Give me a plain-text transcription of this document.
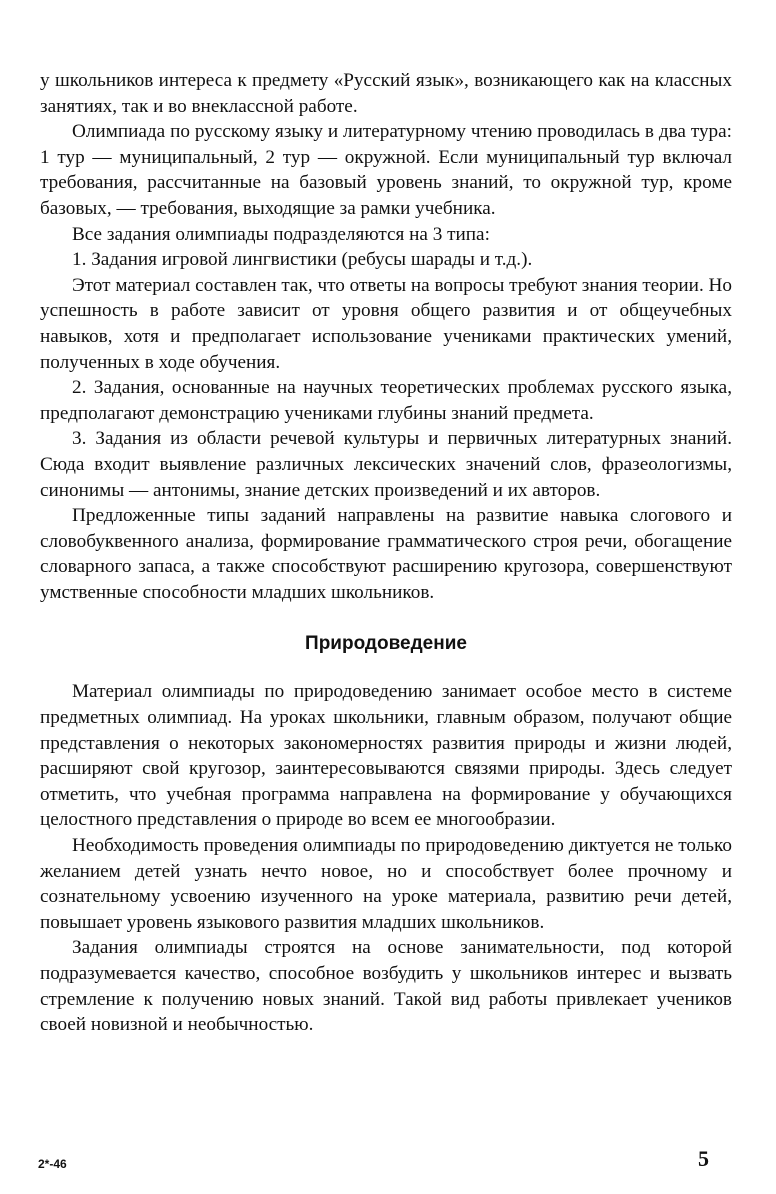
у школьников интереса к предмету «Русский язык», возникающего как на классных занятиях, так и во внеклассной работе.

Олимпиада по русскому языку и литературному чтению проводилась в два тура: 1 тур — муниципальный, 2 тур — окружной. Если муниципальный тур включал требования, рассчитанные на базовый уровень знаний, то окружной тур, кроме базовых, — требования, выходящие за рамки учебника.

Все задания олимпиады подразделяются на 3 типа:

1. Задания игровой лингвистики (ребусы шарады и т.д.).

Этот материал составлен так, что ответы на вопросы требуют знания теории. Но успешность в работе зависит от уровня общего развития и от общеучебных навыков, хотя и предполагает использование учениками практических умений, полученных в ходе обучения.

2. Задания, основанные на научных теоретических проблемах русского языка, предполагают демонстрацию учениками глубины знаний предмета.

3. Задания из области речевой культуры и первичных литературных знаний. Сюда входит выявление различных лексических значений слов, фразеологизмы, синонимы — антонимы, знание детских произведений и их авторов.

Предложенные типы заданий направлены на развитие навыка слогового и словобуквенного анализа, формирование грамматического строя речи, обогащение словарного запаса, а также способствуют расширению кругозора, совершенствуют умственные способности младших школьников.

Природоведение

Материал олимпиады по природоведению занимает особое место в системе предметных олимпиад. На уроках школьники, главным образом, получают общие представления о некоторых закономерностях развития природы и жизни людей, расширяют свой кругозор, заинтересовываются связями природы. Здесь следует отметить, что учебная программа направлена на формирование у обучающихся целостного представления о природе во всем ее многообразии.

Необходимость проведения олимпиады по природоведению диктуется не только желанием детей узнать нечто новое, но и способствует более прочному и сознательному усвоению изученного на уроке материала, развитию речи детей, повышает уровень языкового развития младших школьников.

Задания олимпиады строятся на основе занимательности, под которой подразумевается качество, способное возбудить у школьников интерес и вызвать стремление к получению новых знаний. Такой вид работы привлекает учеников своей новизной и необычностью.

2*-46	5
